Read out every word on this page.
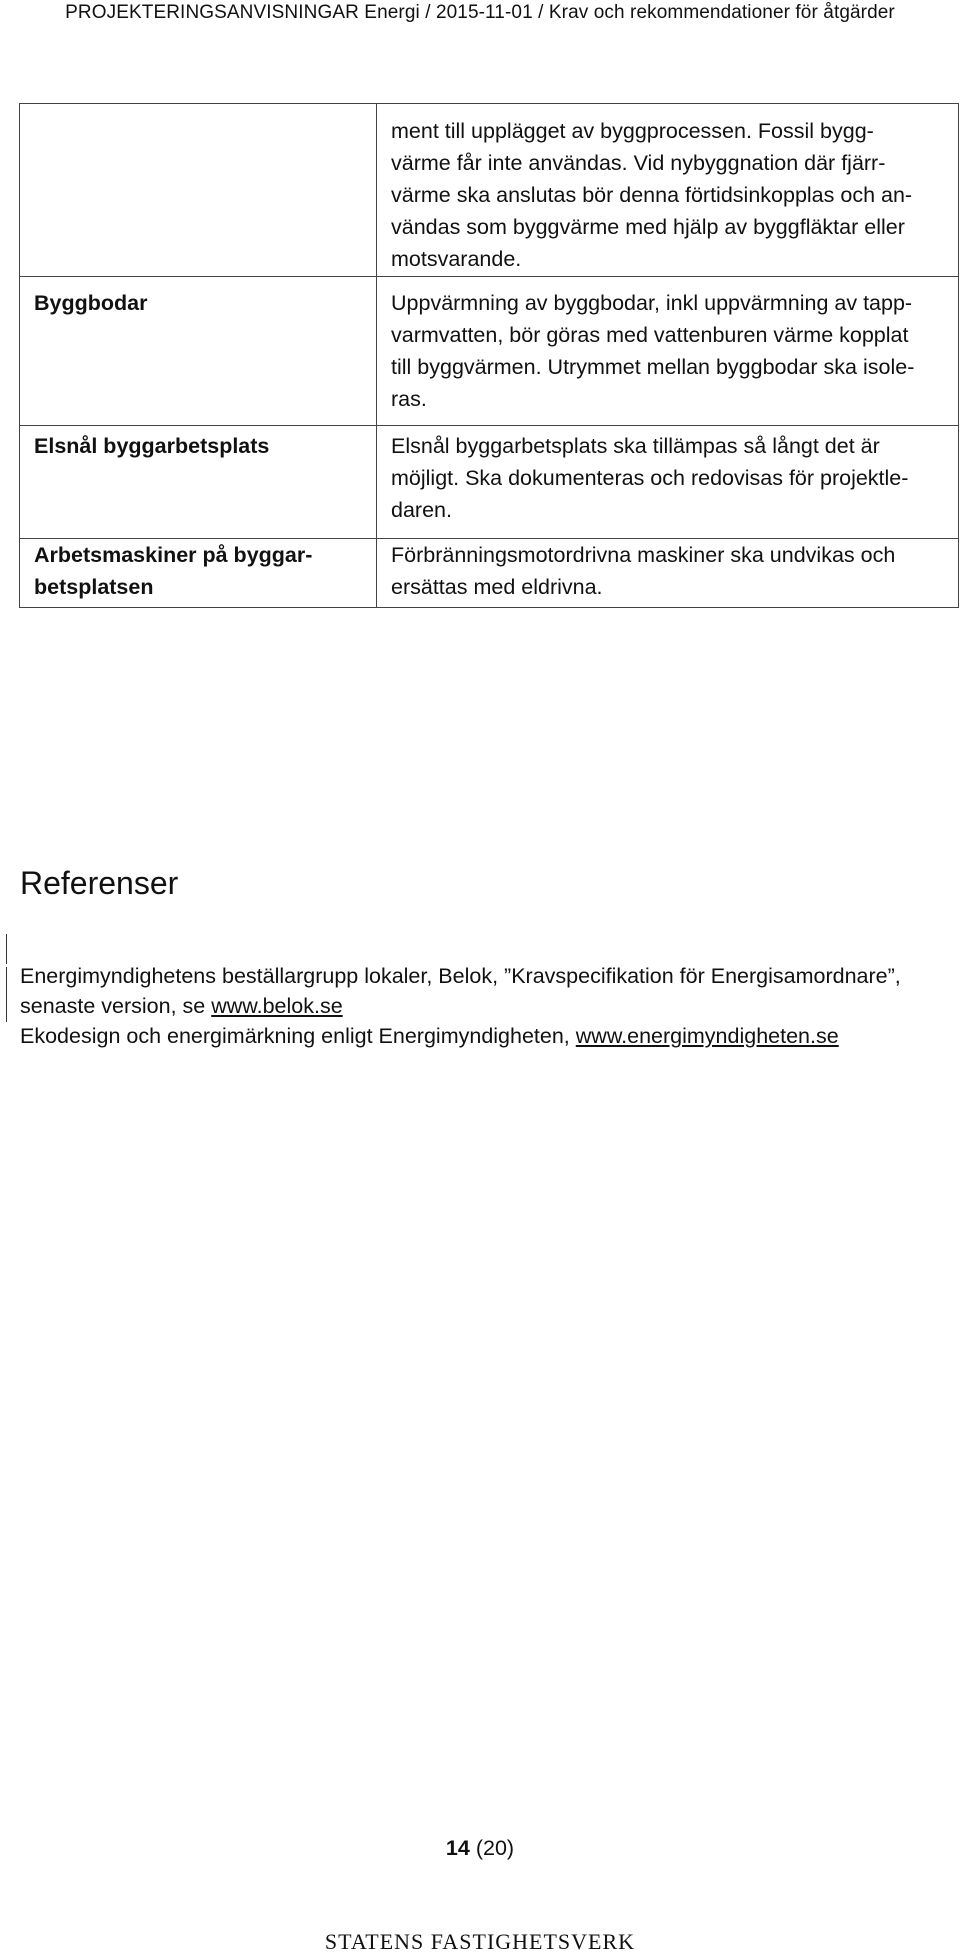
PROJEKTERINGSANVISNINGAR Energi / 2015-11-01 / Krav och rekommendationer för åtgärder
	ment till upplägget av byggprocessen. Fossil bygg-
värme får inte användas. Vid nybyggnation där fjärr-
värme ska anslutas bör denna förtidsinkopplas och an-
vändas som byggvärme med hjälp av byggfläktar eller
motsvarande.
Byggbodar	Uppvärmning av byggbodar, inkl uppvärmning av tapp-
varmvatten, bör göras med vattenburen värme kopplat
till byggvärmen. Utrymmet mellan byggbodar ska isole-
ras.
Elsnål byggarbetsplats	Elsnål byggarbetsplats ska tillämpas så långt det är
möjligt. Ska dokumenteras och redovisas för projektle-
daren.
Arbetsmaskiner på byggar-
betsplatsen	Förbränningsmotordrivna maskiner ska undvikas och
ersättas med eldrivna.
Referenser
Energimyndighetens beställargrupp lokaler, Belok, ”Kravspecifikation för Energisamordnare”,
senaste version, se www.belok.se
Ekodesign och energimärkning enligt Energimyndigheten, www.energimyndigheten.se
14 (20)
STATENS FASTIGHETSVERK
